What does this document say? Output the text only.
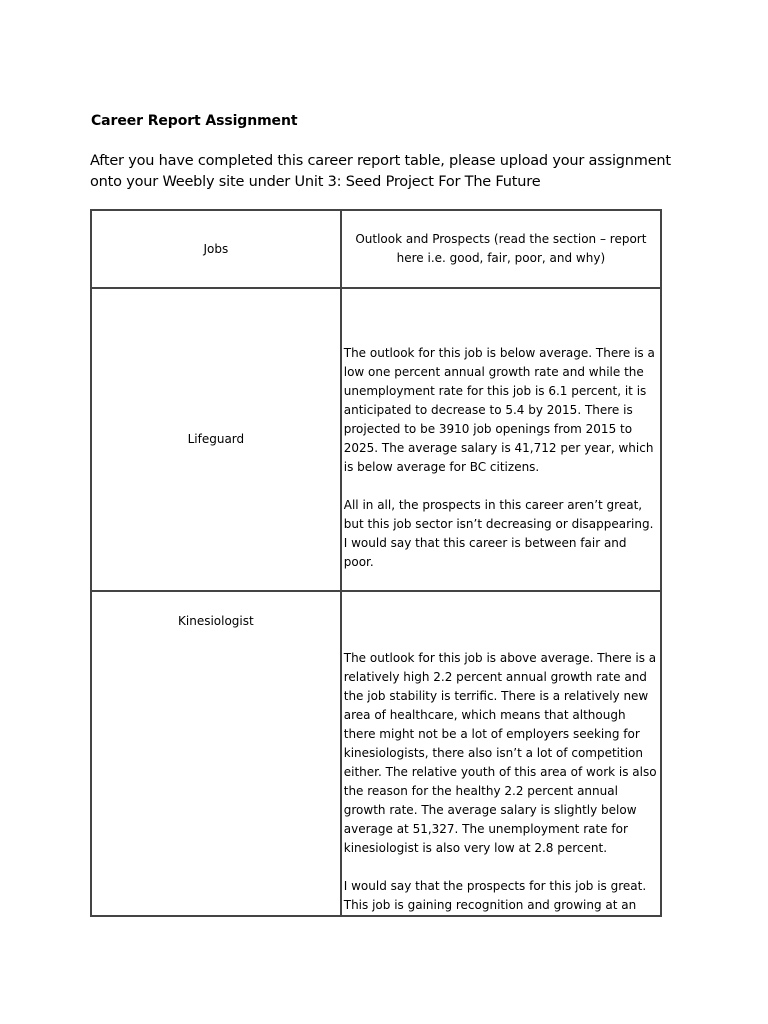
Career Report Assignment
After you have completed this career report table, please upload your assignment onto your Weebly site under Unit 3: Seed Project For The Future
Jobs	Outlook and Prospects (read the section – report here i.e. good, fair, poor, and why)
Lifeguard	The outlook for this job is below average. There is a low one percent annual growth rate and while the unemployment rate for this job is 6.1 percent, it is anticipated to decrease to 5.4 by 2015. There is projected to be 3910 job openings from 2015 to 2025. The average salary is 41,712 per year, which is below average for BC citizens.

All in all, the prospects in this career aren’t great, but this job sector isn’t decreasing or disappearing. I would say that this career is between fair and poor.

Kinesiologist	The outlook for this job is above average. There is a relatively high 2.2 percent annual growth rate and the job stability is terrific. There is a relatively new area of healthcare, which means that although there might not be a lot of employers seeking for kinesiologists, there also isn’t a lot of competition either. The relative youth of this area of work is also the reason for the healthy 2.2 percent annual growth rate. The average salary is slightly below average at 51,327. The unemployment rate for kinesiologist is also very low at 2.8 percent.

I would say that the prospects for this job is great. This job is gaining recognition and growing at an
